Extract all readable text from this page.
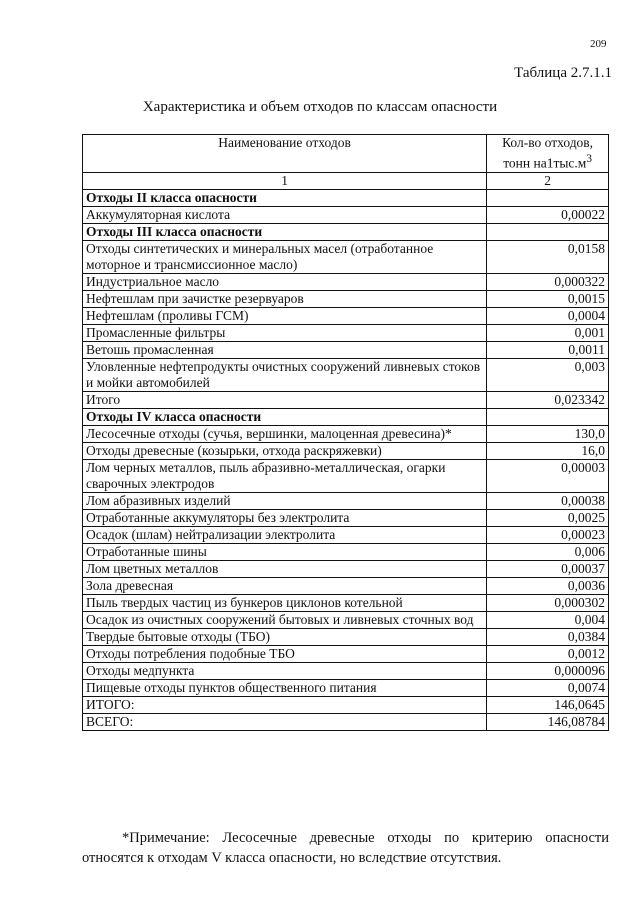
209
Таблица 2.7.1.1
Характеристика и объем отходов по классам опасности
Наименование отходов	Кол-во отходов,
тонн $на1тыс.м^3$
1	2
Отходы II класса опасности	
Аккумуляторная кислота	0,00022
Отходы III класса опасности	
Отходы синтетических и минеральных масел (отработанное моторное и трансмиссионное масло)	0,0158
Индустриальное масло	0,000322
Нефтешлам при зачистке резервуаров	0,0015
Нефтешлам (проливы ГСМ)	0,0004
Промасленные фильтры	0,001
Ветошь промасленная	0,0011
Уловленные нефтепродукты очистных сооружений ливневых стоков и мойки автомобилей	0,003
Итого	0,023342
Отходы IV класса опасности	
Лесосечные отходы (сучья, вершинки, малоценная древесина)*	130,0
Отходы древесные (козырьки, отхода раскряжевки)	16,0
Лом черных металлов, пыль абразивно-металлическая, огарки сварочных электродов	0,00003
Лом абразивных изделий	0,00038
Отработанные аккумуляторы без электролита	0,0025
Осадок (шлам) нейтрализации электролита	0,00023
Отработанные шины	0,006
Лом цветных металлов	0,00037
Зола древесная	0,0036
Пыль твердых частиц из бункеров циклонов котельной	0,000302
Осадок из очистных сооружений бытовых и ливневых сточных вод	0,004
Твердые бытовые отходы (ТБО)	0,0384
Отходы потребления подобные ТБО	0,0012
Отходы медпункта	0,000096
Пищевые отходы пунктов общественного питания	0,0074
ИТОГО:	146,0645
ВСЕГО:	146,08784
*Примечание: Лесосечные древесные отходы по критерию опасности относятся к отходам V класса опасности, но вследствие отсутствия.
